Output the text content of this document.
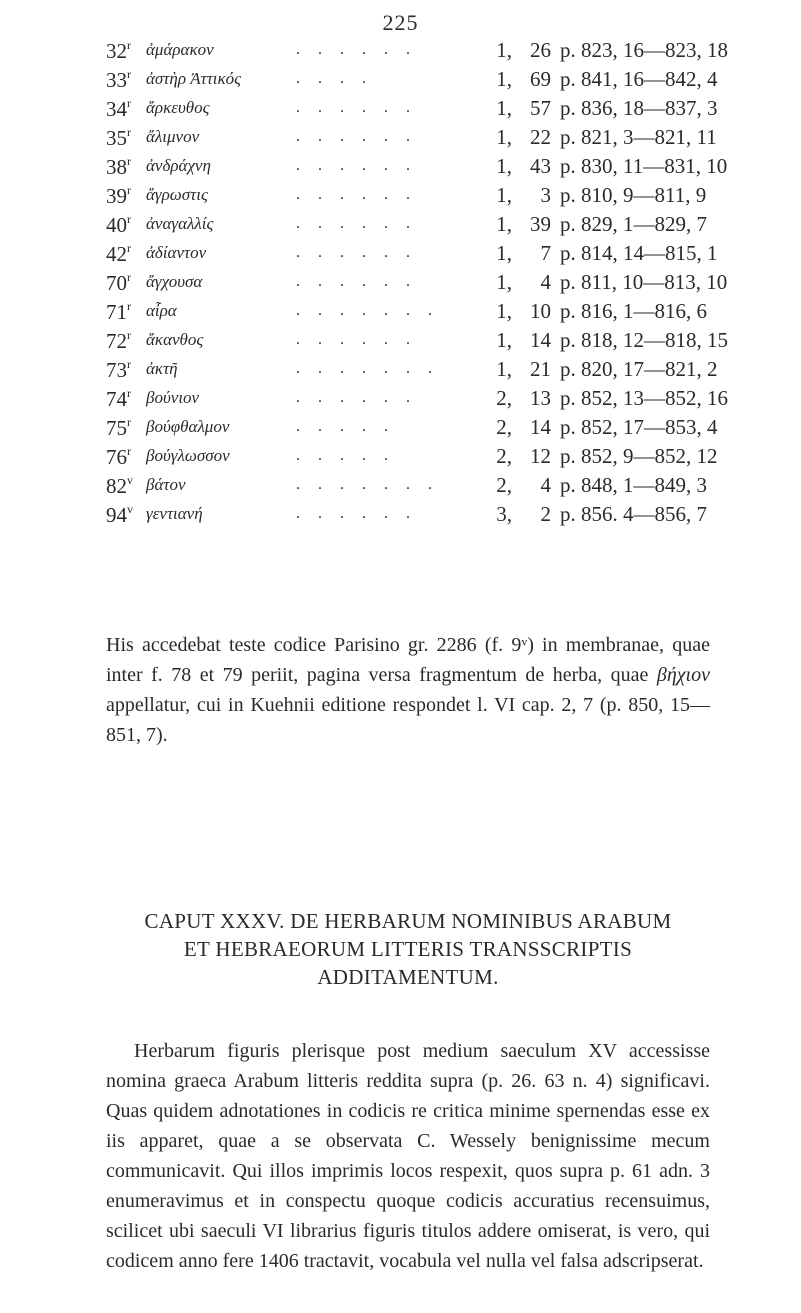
225
32$^r$ ἀμάρακον	. . . . . .	1, 26 p. 823, 16—823, 18
33$^r$ ἀστὴρ Ἀττικός	. . . .	1, 69 p. 841, 16—842, 4
34$^r$ ἄρκευθος	. . . . . .	1, 57 p. 836, 18—837, 3
35$^r$ ἄλιμνον	. . . . . .	1, 22 p. 821, 3—821, 11
38$^r$ ἀνδράχνη	. . . . . .	1, 43 p. 830, 11—831, 10
39$^r$ ἄγρωστις	. . . . . .	1,	3 p. 810, 9—811, 9
40$^r$ ἀναγαλλίς	. . . . . .	1, 39 p. 829, 1—829, 7
42$^r$ ἀδίαντον	. . . . . .	1,	7 p. 814, 14—815, 1
70$^r$ ἄγχουσα	. . . . . .	1,	4 p. 811, 10—813, 10
71$^r$ αἶρα	. . . . . . .	1, 10 p. 816, 1—816, 6
72$^r$ ἄκανθος	. . . . . .	1, 14 p. 818, 12—818, 15
73$^r$ ἀκτῆ	. . . . . . .	1, 21 p. 820, 17—821, 2
74$^r$ βούνιον	. . . . . .	2, 13 p. 852, 13—852, 16
75$^r$ βούφθαλμον	. . . . .	2, 14 p. 852, 17—853, 4
76$^r$ βούγλωσσον	. . . . .	2, 12 p. 852, 9—852, 12
82$^v$ βάτον	. . . . . . .	2,	4 p. 848, 1—849, 3
94$^v$ γεντιανή	. . . . . .	3,	2 p. 856. 4—856, 7

His accedebat teste codice Parisino gr. 2286 (f. 9ᵛ) in membranae, quae inter f. 78 et 79 periit, pagina versa fragmentum de herba, quae βήχιον appellatur, cui in Kuehnii editione respondet l. VI cap. 2, 7 (p. 850, 15—851, 7).

CAPUT XXXV. DE HERBARUM NOMINIBUS ARABUM
ET HEBRAEORUM LITTERIS TRANSSCRIPTIS
ADDITAMENTUM.

Herbarum figuris plerisque post medium saeculum XV accessisse nomina graeca Arabum litteris reddita supra (p. 26. 63 n. 4) significavi. Quas quidem adnotationes in codicis re critica minime spernendas esse ex iis apparet, quae a se observata C. Wessely benignissime mecum communicavit. Qui illos imprimis locos respexit, quos supra p. 61 adn. 3 enumeravimus et in conspectu quoque codicis accuratius recensuimus, scilicet ubi saeculi VI librarius figuris titulos addere omiserat, is vero, qui codicem anno fere 1406 tractavit, vocabula vel nulla vel falsa adscripserat.
